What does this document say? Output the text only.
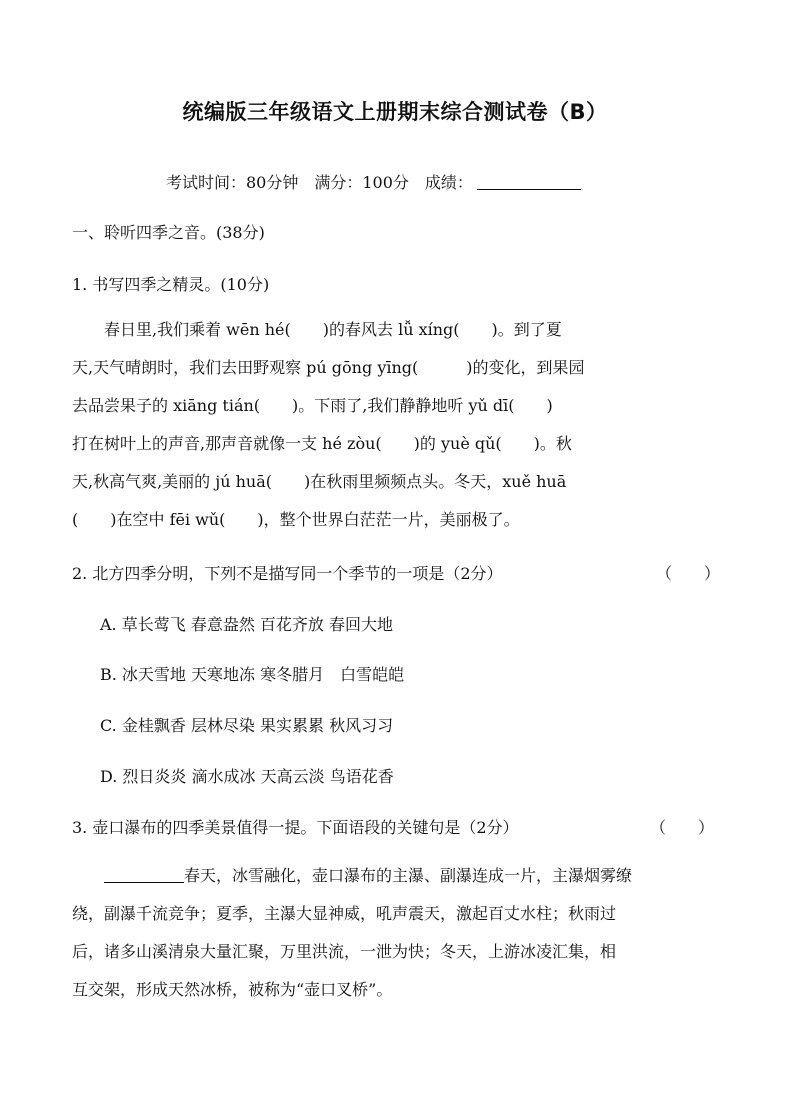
统编版三年级语文上册期末综合测试卷（B）
考试时间：80分钟 满分：100分 成绩：
一、聆听四季之音。(38分)
1. 书写四季之精灵。(10分)
　　春日里,我们乘着 wēn hé(　　)的春风去 lǚ xíng(　　)。到了夏
天,天气晴朗时，我们去田野观察 pú gōng yīng(　　　)的变化，到果园
去品尝果子的 xiāng tián(　　)。下雨了,我们静静地听 yǔ dī(　　)
打在树叶上的声音,那声音就像一支 hé zòu(　　)的 yuè qǔ(　　)。秋
天,秋高气爽,美丽的 jú huā(　　)在秋雨里频频点头。冬天，xuě huā
(　　)在空中 fēi wǔ(　　)，整个世界白茫茫一片，美丽极了。
2. 北方四季分明，下列不是描写同一个季节的一项是（2分）	（　　）
A. 草长莺飞 春意盎然 百花齐放 春回大地
B. 冰天雪地 天寒地冻 寒冬腊月　白雪皑皑
C. 金桂飘香 层林尽染 果实累累 秋风习习
D. 烈日炎炎 滴水成冰 天高云淡 鸟语花香
3. 壶口瀑布的四季美景值得一提。下面语段的关键句是（2分）	（　　）
春天，冰雪融化，壶口瀑布的主瀑、副瀑连成一片，主瀑烟雾缭
绕，副瀑千流竞争；夏季，主瀑大显神威，吼声震天，激起百丈水柱；秋雨过
后，诸多山溪清泉大量汇聚，万里洪流，一泄为快；冬天，上游冰凌汇集，相
互交架，形成天然冰桥，被称为“壶口叉桥”。
